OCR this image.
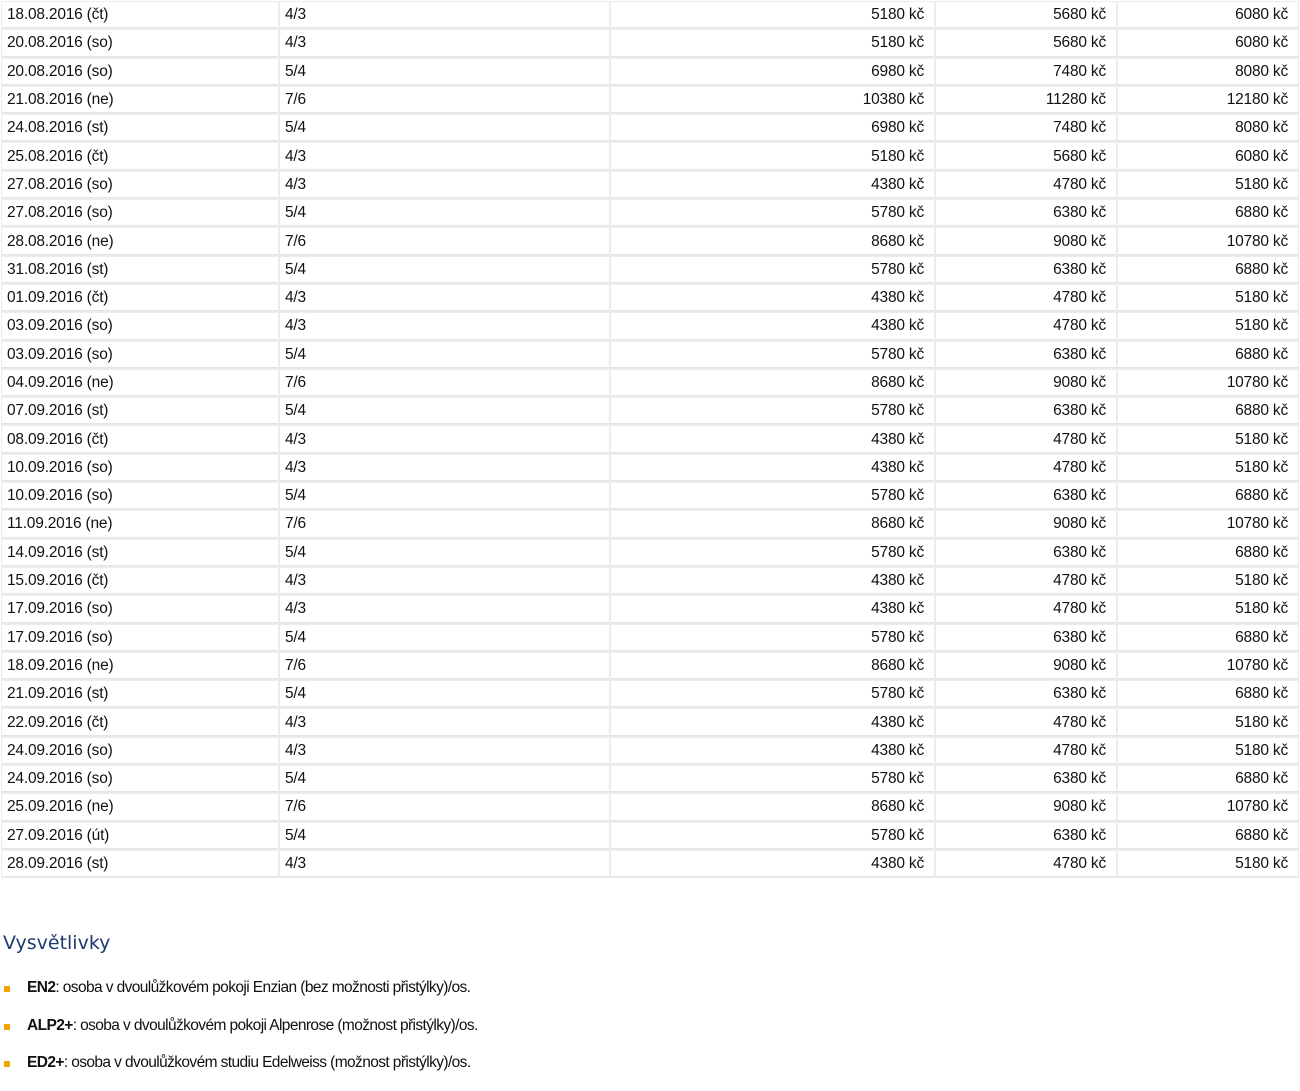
18.08.2016 (čt)	4/3	5180 kč	5680 kč	6080 kč
20.08.2016 (so)	4/3	5180 kč	5680 kč	6080 kč
20.08.2016 (so)	5/4	6980 kč	7480 kč	8080 kč
21.08.2016 (ne)	7/6	10380 kč	11280 kč	12180 kč
24.08.2016 (st)	5/4	6980 kč	7480 kč	8080 kč
25.08.2016 (čt)	4/3	5180 kč	5680 kč	6080 kč
27.08.2016 (so)	4/3	4380 kč	4780 kč	5180 kč
27.08.2016 (so)	5/4	5780 kč	6380 kč	6880 kč
28.08.2016 (ne)	7/6	8680 kč	9080 kč	10780 kč
31.08.2016 (st)	5/4	5780 kč	6380 kč	6880 kč
01.09.2016 (čt)	4/3	4380 kč	4780 kč	5180 kč
03.09.2016 (so)	4/3	4380 kč	4780 kč	5180 kč
03.09.2016 (so)	5/4	5780 kč	6380 kč	6880 kč
04.09.2016 (ne)	7/6	8680 kč	9080 kč	10780 kč
07.09.2016 (st)	5/4	5780 kč	6380 kč	6880 kč
08.09.2016 (čt)	4/3	4380 kč	4780 kč	5180 kč
10.09.2016 (so)	4/3	4380 kč	4780 kč	5180 kč
10.09.2016 (so)	5/4	5780 kč	6380 kč	6880 kč
11.09.2016 (ne)	7/6	8680 kč	9080 kč	10780 kč
14.09.2016 (st)	5/4	5780 kč	6380 kč	6880 kč
15.09.2016 (čt)	4/3	4380 kč	4780 kč	5180 kč
17.09.2016 (so)	4/3	4380 kč	4780 kč	5180 kč
17.09.2016 (so)	5/4	5780 kč	6380 kč	6880 kč
18.09.2016 (ne)	7/6	8680 kč	9080 kč	10780 kč
21.09.2016 (st)	5/4	5780 kč	6380 kč	6880 kč
22.09.2016 (čt)	4/3	4380 kč	4780 kč	5180 kč
24.09.2016 (so)	4/3	4380 kč	4780 kč	5180 kč
24.09.2016 (so)	5/4	5780 kč	6380 kč	6880 kč
25.09.2016 (ne)	7/6	8680 kč	9080 kč	10780 kč
27.09.2016 (út)	5/4	5780 kč	6380 kč	6880 kč
28.09.2016 (st)	4/3	4380 kč	4780 kč	5180 kč
Vysvětlivky
EN2: osoba v dvoulůžkovém pokoji Enzian (bez možnosti přistýlky)/os.
ALP2+: osoba v dvoulůžkovém pokoji Alpenrose (možnost přistýlky)/os.
ED2+: osoba v dvoulůžkovém studiu Edelweiss (možnost přistýlky)/os.
